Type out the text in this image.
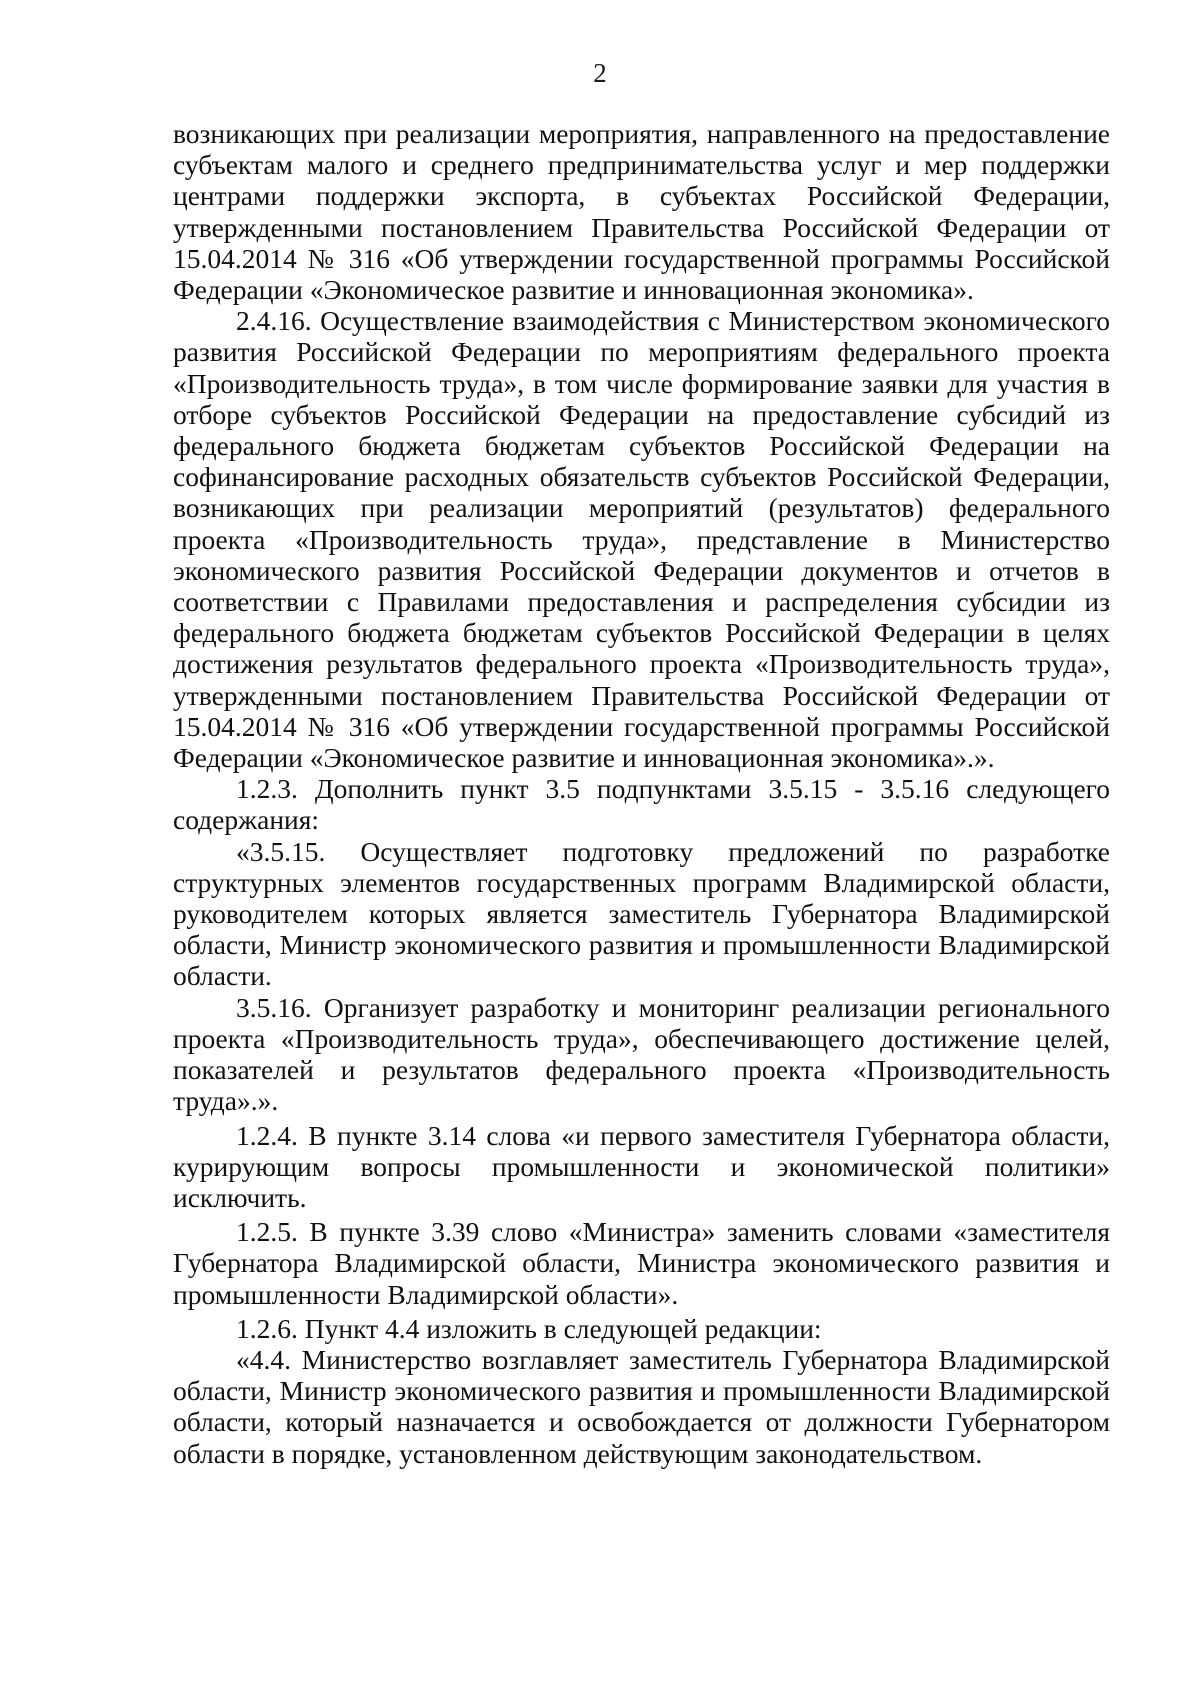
2

возникающих при реализации мероприятия, направленного на предоставление субъектам малого и среднего предпринимательства услуг и мер поддержки центрами поддержки экспорта, в субъектах Российской Федерации, утвержденными постановлением Правительства Российской Федерации от 15.04.2014 № 316 «Об утверждении государственной программы Российской Федерации «Экономическое развитие и инновационная экономика».

2.4.16. Осуществление взаимодействия с Министерством экономического развития Российской Федерации по мероприятиям федерального проекта «Производительность труда», в том числе формирование заявки для участия в отборе субъектов Российской Федерации на предоставление субсидий из федерального бюджета бюджетам субъектов Российской Федерации на софинансирование расходных обязательств субъектов Российской Федерации, возникающих при реализации мероприятий (результатов) федерального проекта «Производительность труда», представление в Министерство экономического развития Российской Федерации документов и отчетов в соответствии с Правилами предоставления и распределения субсидии из федерального бюджета бюджетам субъектов Российской Федерации в целях достижения результатов федерального проекта «Производительность труда», утвержденными постановлением Правительства Российской Федерации от 15.04.2014 № 316 «Об утверждении государственной программы Российской Федерации «Экономическое развитие и инновационная экономика».».

1.2.3. Дополнить пункт 3.5 подпунктами 3.5.15 - 3.5.16 следующего содержания:

«3.5.15. Осуществляет подготовку предложений по разработке структурных элементов государственных программ Владимирской области, руководителем которых является заместитель Губернатора Владимирской области, Министр экономического развития и промышленности Владимирской области.

3.5.16. Организует разработку и мониторинг реализации регионального проекта «Производительность труда», обеспечивающего достижение целей, показателей и результатов федерального проекта «Производительность труда».».

1.2.4. В пункте 3.14 слова «и первого заместителя Губернатора области, курирующим вопросы промышленности и экономической политики» исключить.

1.2.5. В пункте 3.39 слово «Министра» заменить словами «заместителя Губернатора Владимирской области, Министра экономического развития и промышленности Владимирской области».

1.2.6. Пункт 4.4 изложить в следующей редакции:

«4.4. Министерство возглавляет заместитель Губернатора Владимирской области, Министр экономического развития и промышленности Владимирской области, который назначается и освобождается от должности Губернатором области в порядке, установленном действующим законодательством.
